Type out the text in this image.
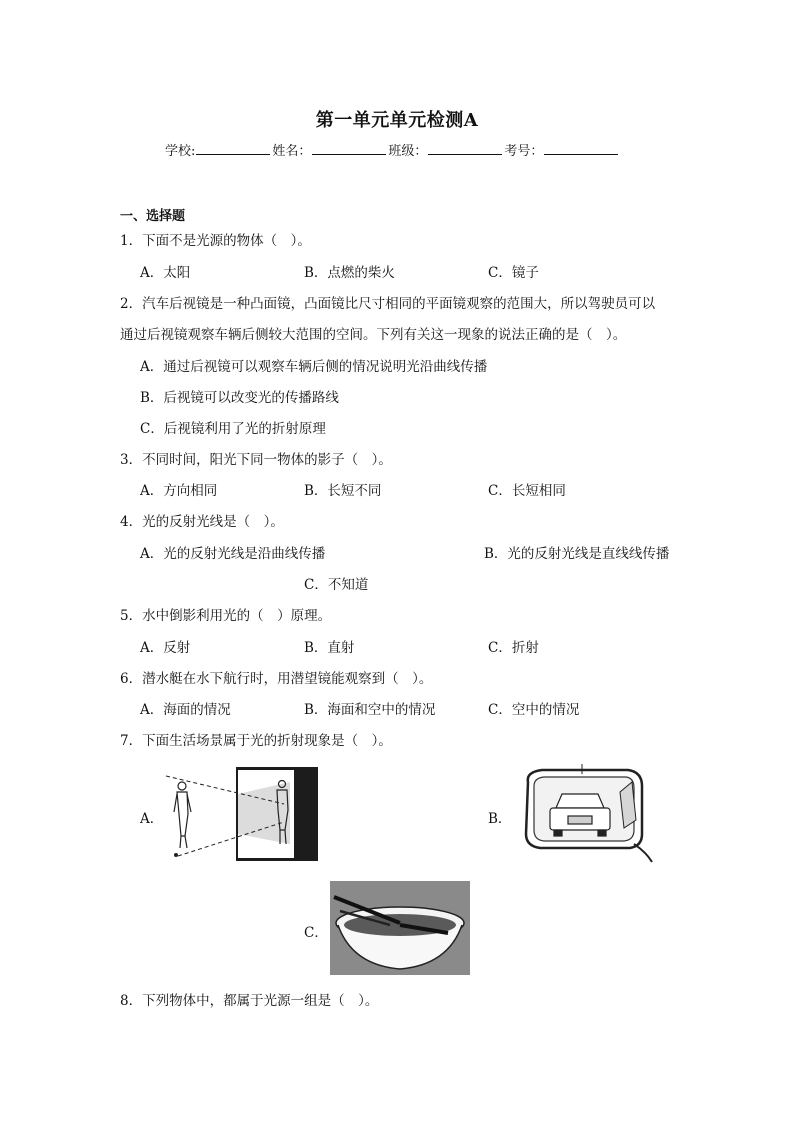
第一单元单元检测A
学校:	姓名：	班级：	考号：
一、选择题
1．下面不是光源的物体（　）。
A．太阳	B．点燃的柴火	C．镜子
2．汽车后视镜是一种凸面镜，凸面镜比尺寸相同的平面镜观察的范围大，所以驾驶员可以
通过后视镜观察车辆后侧较大范围的空间。下列有关这一现象的说法正确的是（　）。
A．通过后视镜可以观察车辆后侧的情况说明光沿曲线传播
B．后视镜可以改变光的传播路线
C．后视镜利用了光的折射原理
3．不同时间，阳光下同一物体的影子（　）。
A．方向相同	B．长短不同	C．长短相同
4．光的反射光线是（　）。
A．光的反射光线是沿曲线传播	B．光的反射光线是直线线传播
C．不知道
5．水中倒影利用光的（　）原理。
A．反射	B．直射	C．折射
6．潜水艇在水下航行时，用潜望镜能观察到（　）。
A．海面的情况	B．海面和空中的情况	C．空中的情况
7．下面生活场景属于光的折射现象是（　）。
A．	B．
C．
8．下列物体中，都属于光源一组是（　）。
